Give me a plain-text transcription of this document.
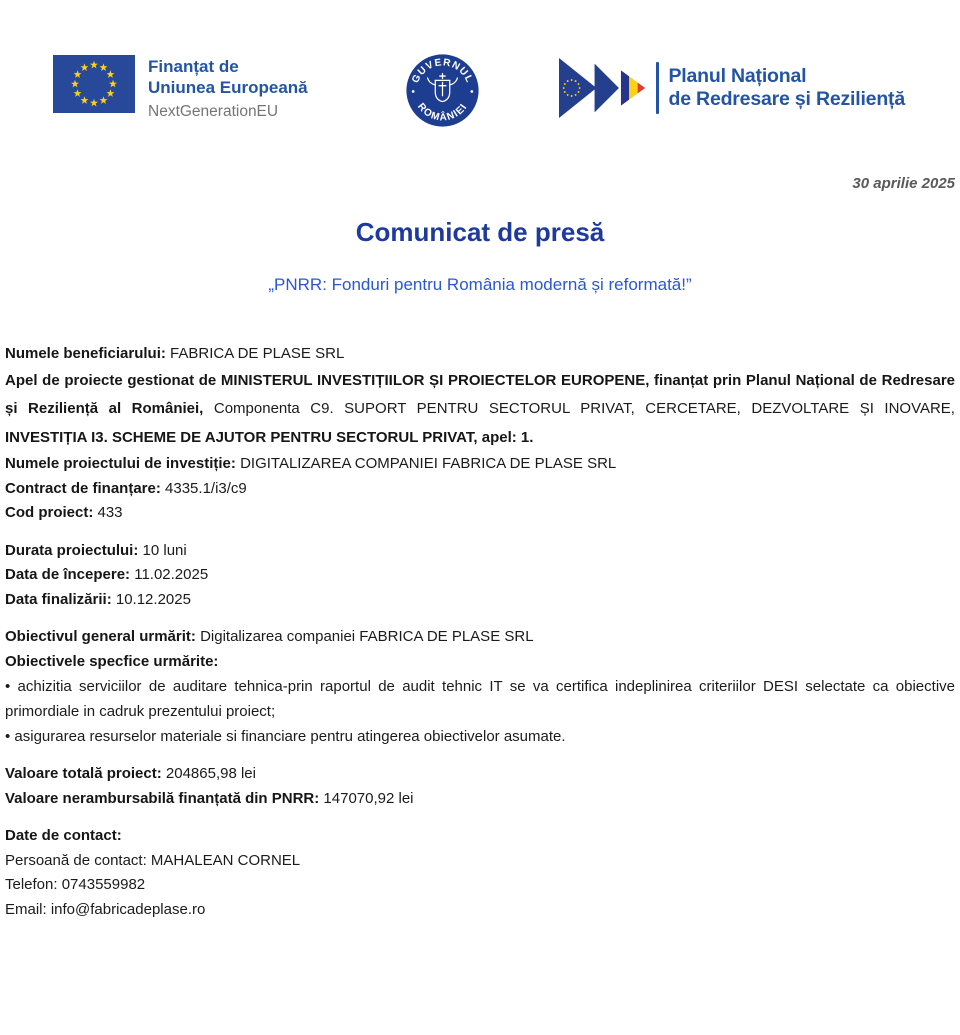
Finanțat de
Uniunea Europeană
NextGenerationEU
GUVERNUL
ROMÂNIEI
Planul Național
de Redresare și Reziliență
30 aprilie 2025
Comunicat de presă
„PNRR: Fonduri pentru România modernă și reformată!”

Numele beneficiarului: FABRICA DE PLASE SRL

Apel de proiecte gestionat de MINISTERUL INVESTIȚIILOR ȘI PROIECTELOR EUROPENE, finanțat prin Planul Național de Redresare și Reziliență al României, Componenta C9. SUPORT PENTRU SECTORUL PRIVAT, CERCETARE, DEZVOLTARE ȘI INOVARE, INVESTIȚIA I3. SCHEME DE AJUTOR PENTRU SECTORUL PRIVAT, apel: 1.

Numele proiectului de investiție: DIGITALIZAREA COMPANIEI FABRICA DE PLASE SRL

Contract de finanțare: 4335.1/i3/c9

Cod proiect: 433

Durata proiectului: 10 luni

Data de începere: 11.02.2025

Data finalizării: 10.12.2025

Obiectivul general urmărit: Digitalizarea companiei FABRICA DE PLASE SRL

Obiectivele specfice urmărite:

• achizitia serviciilor de auditare tehnica-prin raportul de audit tehnic IT se va certifica indeplinirea criteriilor DESI selectate ca obiective primordiale in cadruk prezentului proiect;

• asigurarea resurselor materiale si financiare pentru atingerea obiectivelor asumate.

Valoare totală proiect: 204865,98 lei

Valoare nerambursabilă finanțată din PNRR: 147070,92 lei

Date de contact:

Persoană de contact: MAHALEAN CORNEL

Telefon: 0743559982

Email: info@fabricadeplase.ro
